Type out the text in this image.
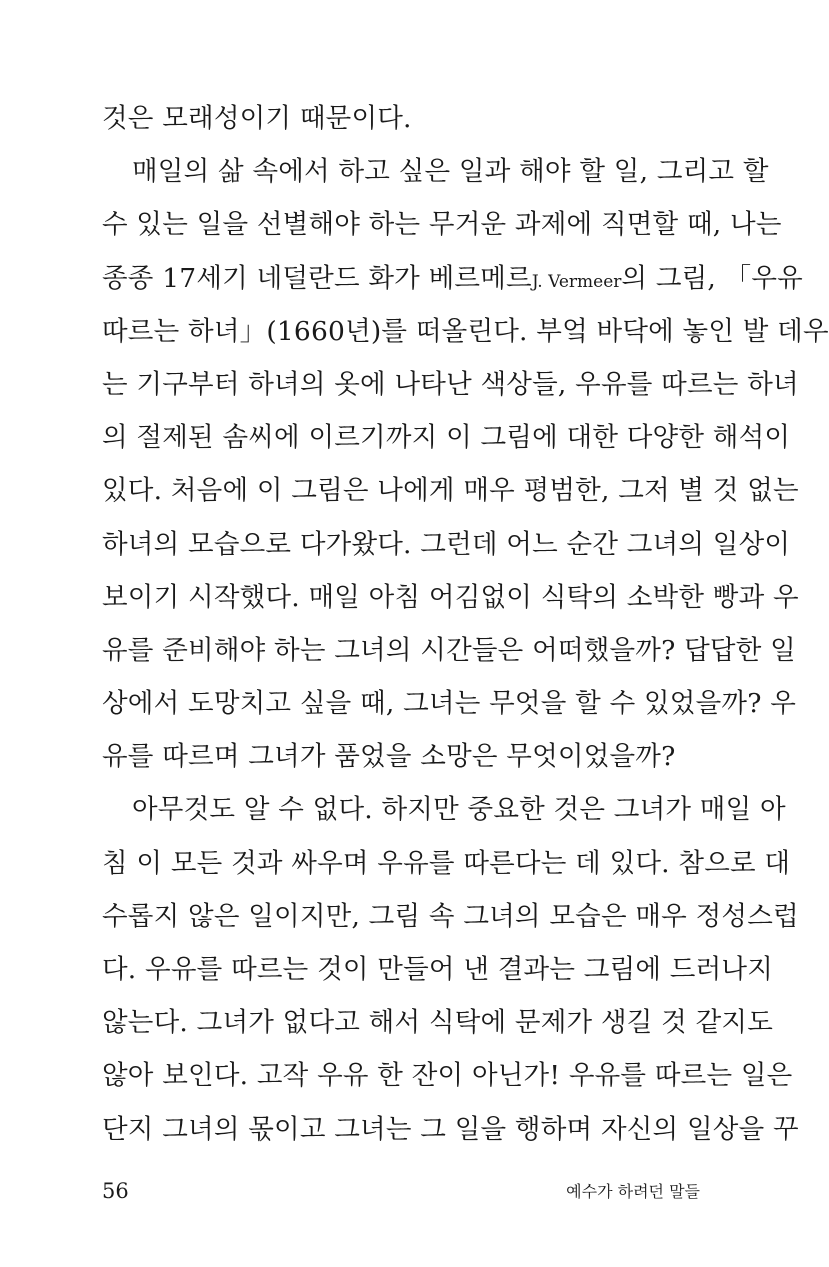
것은 모래성이기 때문이다.
매일의 삶 속에서 하고 싶은 일과 해야 할 일, 그리고 할
수 있는 일을 선별해야 하는 무거운 과제에 직면할 때, 나는
종종 17세기 네덜란드 화가 베르메르J. Vermeer의 그림, 「우유
따르는 하녀」(1660년)를 떠올린다. 부엌 바닥에 놓인 발 데우
는 기구부터 하녀의 옷에 나타난 색상들, 우유를 따르는 하녀
의 절제된 솜씨에 이르기까지 이 그림에 대한 다양한 해석이
있다. 처음에 이 그림은 나에게 매우 평범한, 그저 별 것 없는
하녀의 모습으로 다가왔다. 그런데 어느 순간 그녀의 일상이
보이기 시작했다. 매일 아침 어김없이 식탁의 소박한 빵과 우
유를 준비해야 하는 그녀의 시간들은 어떠했을까? 답답한 일
상에서 도망치고 싶을 때, 그녀는 무엇을 할 수 있었을까? 우
유를 따르며 그녀가 품었을 소망은 무엇이었을까?
아무것도 알 수 없다. 하지만 중요한 것은 그녀가 매일 아
침 이 모든 것과 싸우며 우유를 따른다는 데 있다. 참으로 대
수롭지 않은 일이지만, 그림 속 그녀의 모습은 매우 정성스럽
다. 우유를 따르는 것이 만들어 낸 결과는 그림에 드러나지
않는다. 그녀가 없다고 해서 식탁에 문제가 생길 것 같지도
않아 보인다. 고작 우유 한 잔이 아닌가! 우유를 따르는 일은
단지 그녀의 몫이고 그녀는 그 일을 행하며 자신의 일상을 꾸
56	예수가 하려던 말들
